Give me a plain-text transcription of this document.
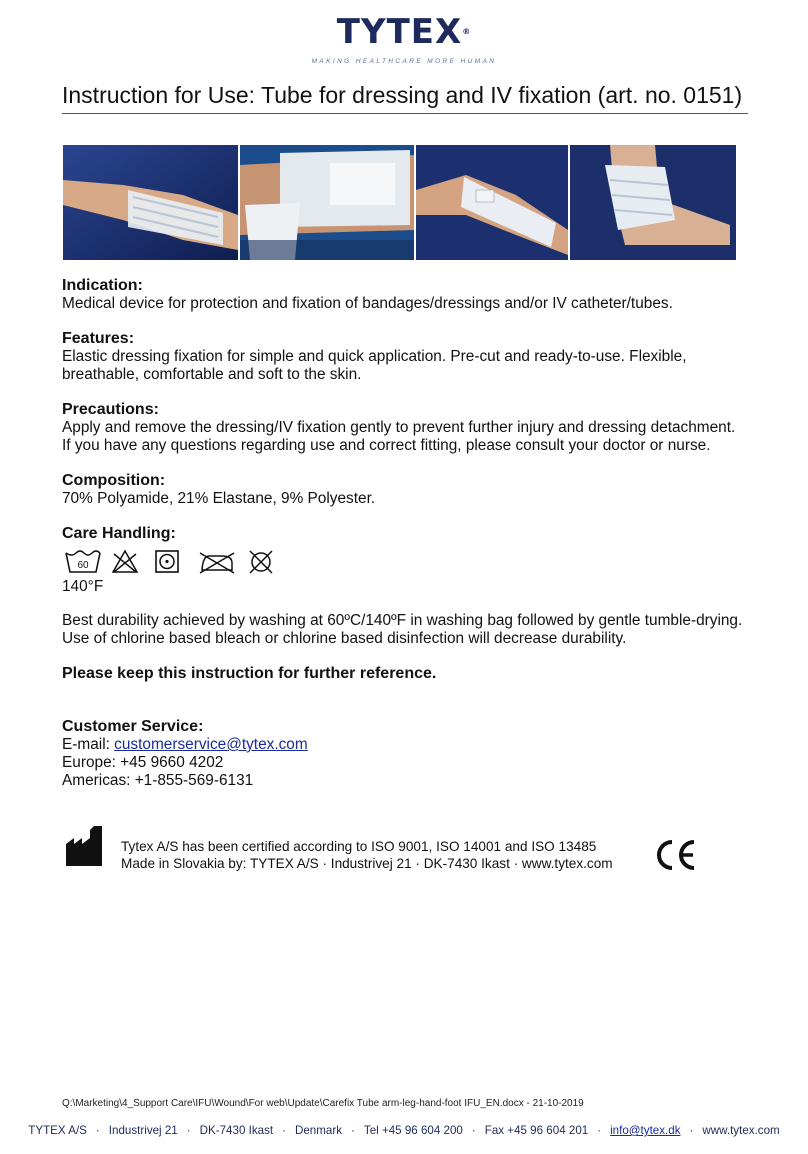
TYTEX®
MAKING HEALTHCARE MORE HUMAN
Instruction for Use: Tube for dressing and IV fixation (art. no. 0151)
Indication:
Medical device for protection and fixation of bandages/dressings and/or IV catheter/tubes.
Features:
Elastic dressing fixation for simple and quick application. Pre-cut and ready-to-use. Flexible,
breathable, comfortable and soft to the skin.
Precautions:
Apply and remove the dressing/IV fixation gently to prevent further injury and dressing detachment.
If you have any questions regarding use and correct fitting, please consult your doctor or nurse.
Composition:
70% Polyamide, 21% Elastane, 9% Polyester.
Care Handling:
60
140°F
Best durability achieved by washing at 60ºC/140ºF in washing bag followed by gentle tumble-drying.
Use of chlorine based bleach or chlorine based disinfection will decrease durability.
Please keep this instruction for further reference.
Customer Service:
E-mail: customerservice@tytex.com
Europe: +45 9660 4202
Americas: +1-855-569-6131
Tytex A/S has been certified according to ISO 9001, ISO 14001 and ISO 13485
Made in Slovakia by: TYTEX A/S · Industrivej 21 · DK-7430 Ikast · www.tytex.com
CE
Q:\Marketing\4_Support Care\IFU\Wound\For web\Update\Carefix Tube arm-leg-hand-foot IFU_EN.docx - 21-10-2019
TYTEX A/S · Industrivej 21 · DK-7430 Ikast · Denmark · Tel +45 96 604 200 · Fax +45 96 604 201 · info@tytex.dk · www.tytex.com
